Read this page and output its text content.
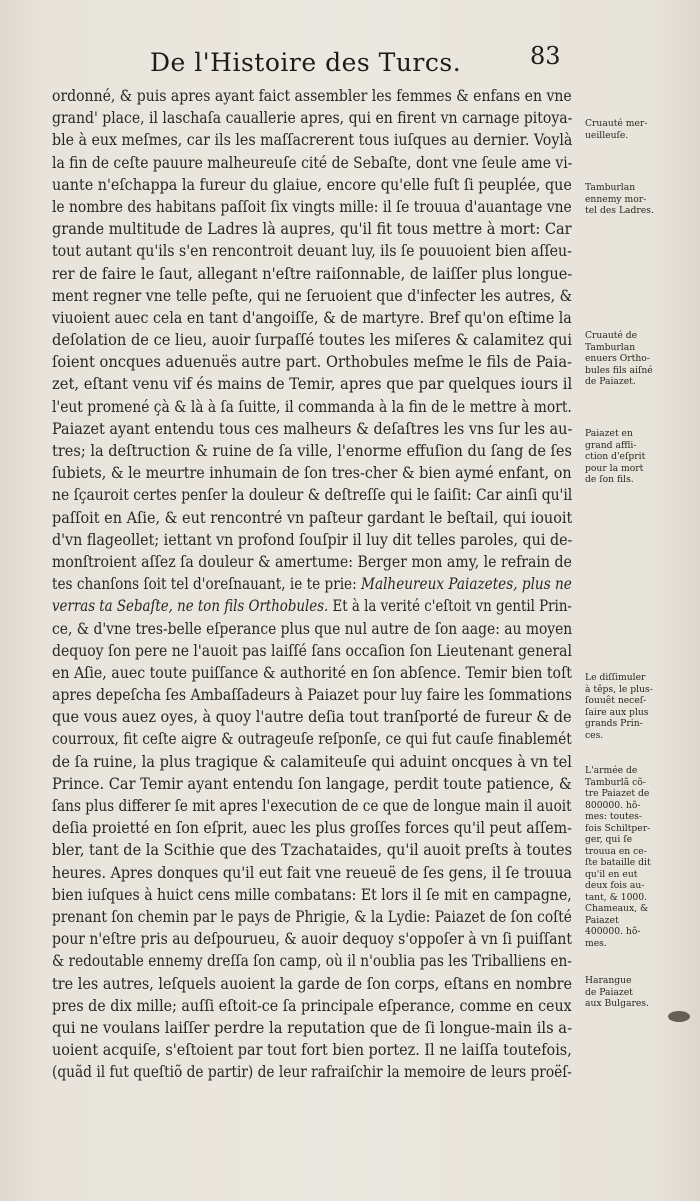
De l'Histoire des Turcs.	83
ordonné, & puis apres ayant faict assembler les femmes & enfans en vne
grand' place, il laschaſa cauallerie apres, qui en firent vn carnage pitoya-
ble à eux meſmes, car ils les maſſacrerent tous iuſques au dernier. Voylà
la fin de ceſte pauure malheureuſe cité de Sebaſte, dont vne ſeule ame vi-
uante n'eſchappa la fureur du glaiue, encore qu'elle fuſt ſi peuplée, que
le nombre des habitans paſſoit ſix vingts mille: il ſe trouua d'auantage vne
grande multitude de Ladres là aupres, qu'il fit tous mettre à mort: Car
tout autant qu'ils s'en rencontroit deuant luy, ils ſe pouuoient bien aſſeu-
rer de faire le ſaut, allegant n'eſtre raiſonnable, de laiſſer plus longue-
ment regner vne telle peſte, qui ne ſeruoient que d'infecter les autres, &
viuoient auec cela en tant d'angoiſſe, & de martyre. Bref qu'on eſtime la
deſolation de ce lieu, auoir ſurpaſſé toutes les miſeres & calamitez qui
ſoient oncques aduenuës autre part. Orthobules meſme le fils de Paia-
zet, eſtant venu vif és mains de Temir, apres que par quelques iours il
l'eut promené çà & là à ſa ſuitte, il commanda à la fin de le mettre à mort.
Paiazet ayant entendu tous ces malheurs & deſaſtres les vns ſur les au-
tres; la deſtruction & ruine de ſa ville, l'enorme effuſion du ſang de ſes
ſubiets, & le meurtre inhumain de ſon tres-cher & bien aymé enfant, on
ne ſçauroit certes penſer la douleur & deſtreſſe qui le ſaiſit: Car ainſi qu'il
paſſoit en Aſie, & eut rencontré vn paſteur gardant le beſtail, qui iouoit
d'vn flageollet; iettant vn profond ſouſpir il luy dit telles paroles, qui de-
monſtroient aſſez ſa douleur & amertume: Berger mon amy, le refrain de
tes chanſons ſoit tel d'oreſnauant, ie te prie: Malheureux Paiazetes, plus ne
verras ta Sebaſte, ne ton fils Orthobules. Et à la verité c'eſtoit vn gentil Prin-
ce, & d'vne tres-belle eſperance plus que nul autre de ſon aage: au moyen
dequoy ſon pere ne l'auoit pas laiſſé ſans occaſion ſon Lieutenant general
en Aſie, auec toute puiſſance & authorité en ſon abſence. Temir bien toſt
apres depeſcha ſes Ambaſſadeurs à Paiazet pour luy faire les ſommations
que vous auez oyes, à quoy l'autre deſia tout tranſporté de fureur & de
courroux, fit ceſte aigre & outrageuſe reſponſe, ce qui fut cauſe finablemét
de ſa ruine, la plus tragique & calamiteuſe qui aduint oncques à vn tel
Prince. Car Temir ayant entendu ſon langage, perdit toute patience, &
ſans plus differer ſe mit apres l'execution de ce que de longue main il auoit
deſia proietté en ſon eſprit, auec les plus groſſes forces qu'il peut aſſem-
bler, tant de la Scithie que des Tzachataides, qu'il auoit preſts à toutes
heures. Apres donques qu'il eut fait vne reueuë de ſes gens, il ſe trouua
bien iuſques à huict cens mille combatans: Et lors il ſe mit en campagne,
prenant ſon chemin par le pays de Phrigie, & la Lydie: Paiazet de ſon coſté
pour n'eſtre pris au deſpourueu, & auoir dequoy s'oppoſer à vn ſi puiſſant
& redoutable ennemy dreſſa ſon camp, où il n'oublia pas les Triballiens en-
tre les autres, leſquels auoient la garde de ſon corps, eſtans en nombre
pres de dix mille; auſſi eſtoit-ce ſa principale eſperance, comme en ceux
qui ne voulans laiſſer perdre la reputation que de ſi longue-main ils a-
uoient acquiſe, s'eſtoient par tout fort bien portez. Il ne laiſſa toutefois,
(quãd il fut queſtiõ de partir) de leur rafraiſchir la memoire de leurs proëſ-
Cruauté mer-
ueilleuſe.
Tamburlan
ennemy mor-
tel des Ladres.
Cruauté de
Tamburlan
enuers Ortho-
bules fils aiſné
de Paiazet.
Paiazet en
grand affli-
ction d'eſprit
pour la mort
de ſon fils.
Le diſſimuler
à têps, le plus-
ſouuêt neceſ-
ſaire aux plus
grands Prin-
ces.
L'armée de
Tamburlã cõ-
tre Paiazet de
800000. hõ-
mes: toutes-
fois Schiltper-
ger, qui ſe
trouua en ce-
ſte bataille dit
qu'il en eut
deux fois au-
tant, & 1000.
Chameaux, &
Paiazet
400000. hõ-
mes.
Harangue
de Paiazet
aux Bulgares.
